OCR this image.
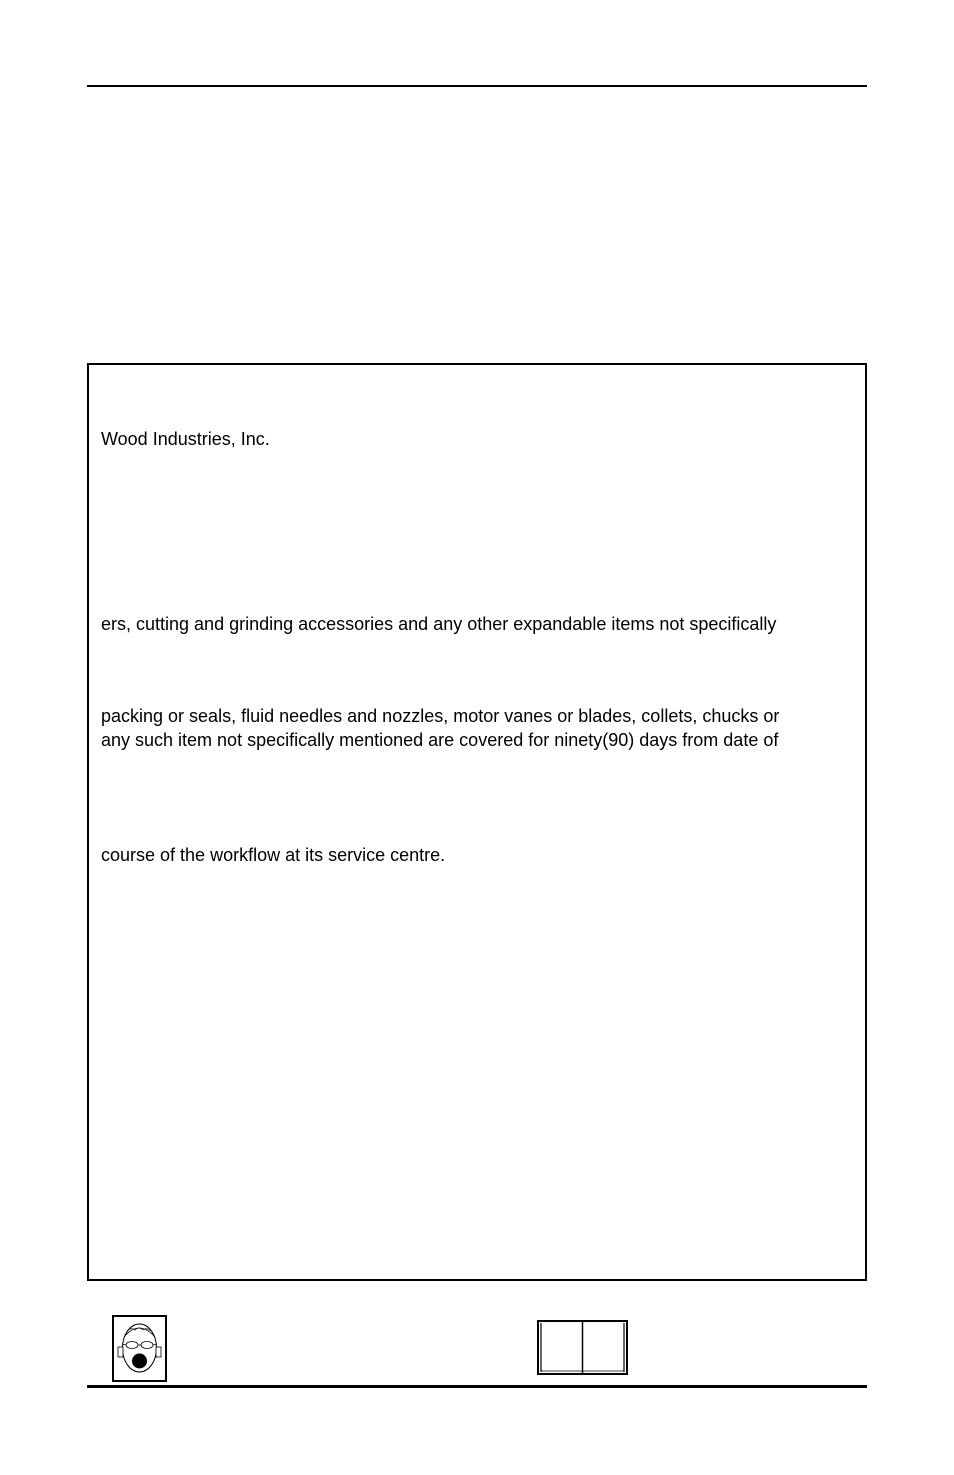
Wood Industries, Inc.
ers, cutting and grinding accessories and any other expandable items not specifically
packing or seals, fluid needles and nozzles, motor vanes or blades, collets, chucks or
any such item not specifically mentioned are covered for ninety(90) days from date of
course of the workflow at its service centre.
